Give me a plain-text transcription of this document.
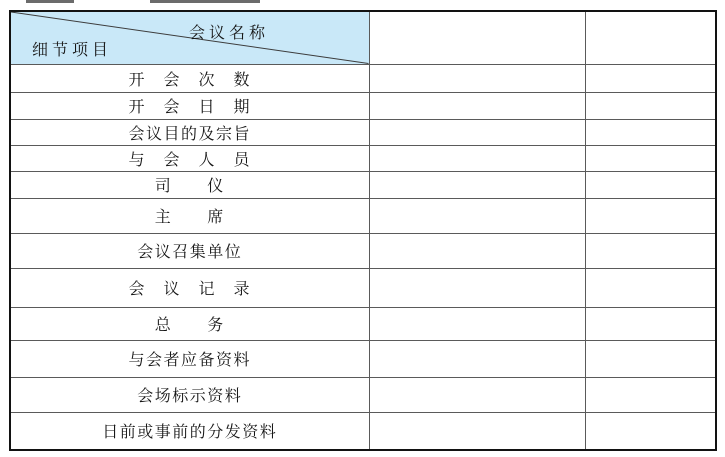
会议名称
细节项目		

开　会　次　数		
开　会　日　期		
会议目的及宗旨		
与　会　人　员		
司　　仪		
主　　席		
会议召集单位		
会　议　记　录		
总　　务		
与会者应备资料		
会场标示资料		
日前或事前的分发资料		
